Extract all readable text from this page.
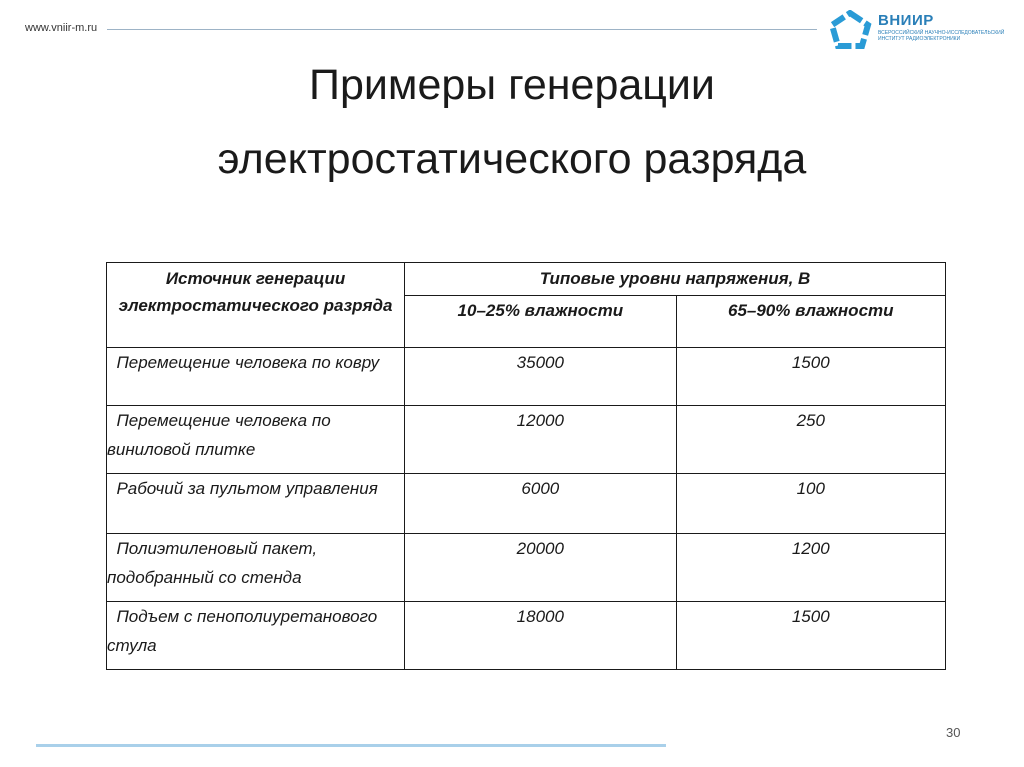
www.vniir-m.ru	ВНИИР
ВСЕРОССИЙСКИЙ НАУЧНО-ИССЛЕДОВАТЕЛЬСКИЙ ИНСТИТУТ РАДИОЭЛЕКТРОНИКИ
Примеры генерации
электростатического разряда
Источник генерации электростатического разряда	Типовые уровни напряжения, В	
	10–25% влажности	65–90% влажности
Перемещение человека по ковру	35000	1500
Перемещение человека по виниловой плитке	12000	250
Рабочий за пультом управления	6000	100
Полиэтиленовый пакет, подобранный со стенда	20000	1200
Подъем с пенополиуретанового стула	18000	1500
30
